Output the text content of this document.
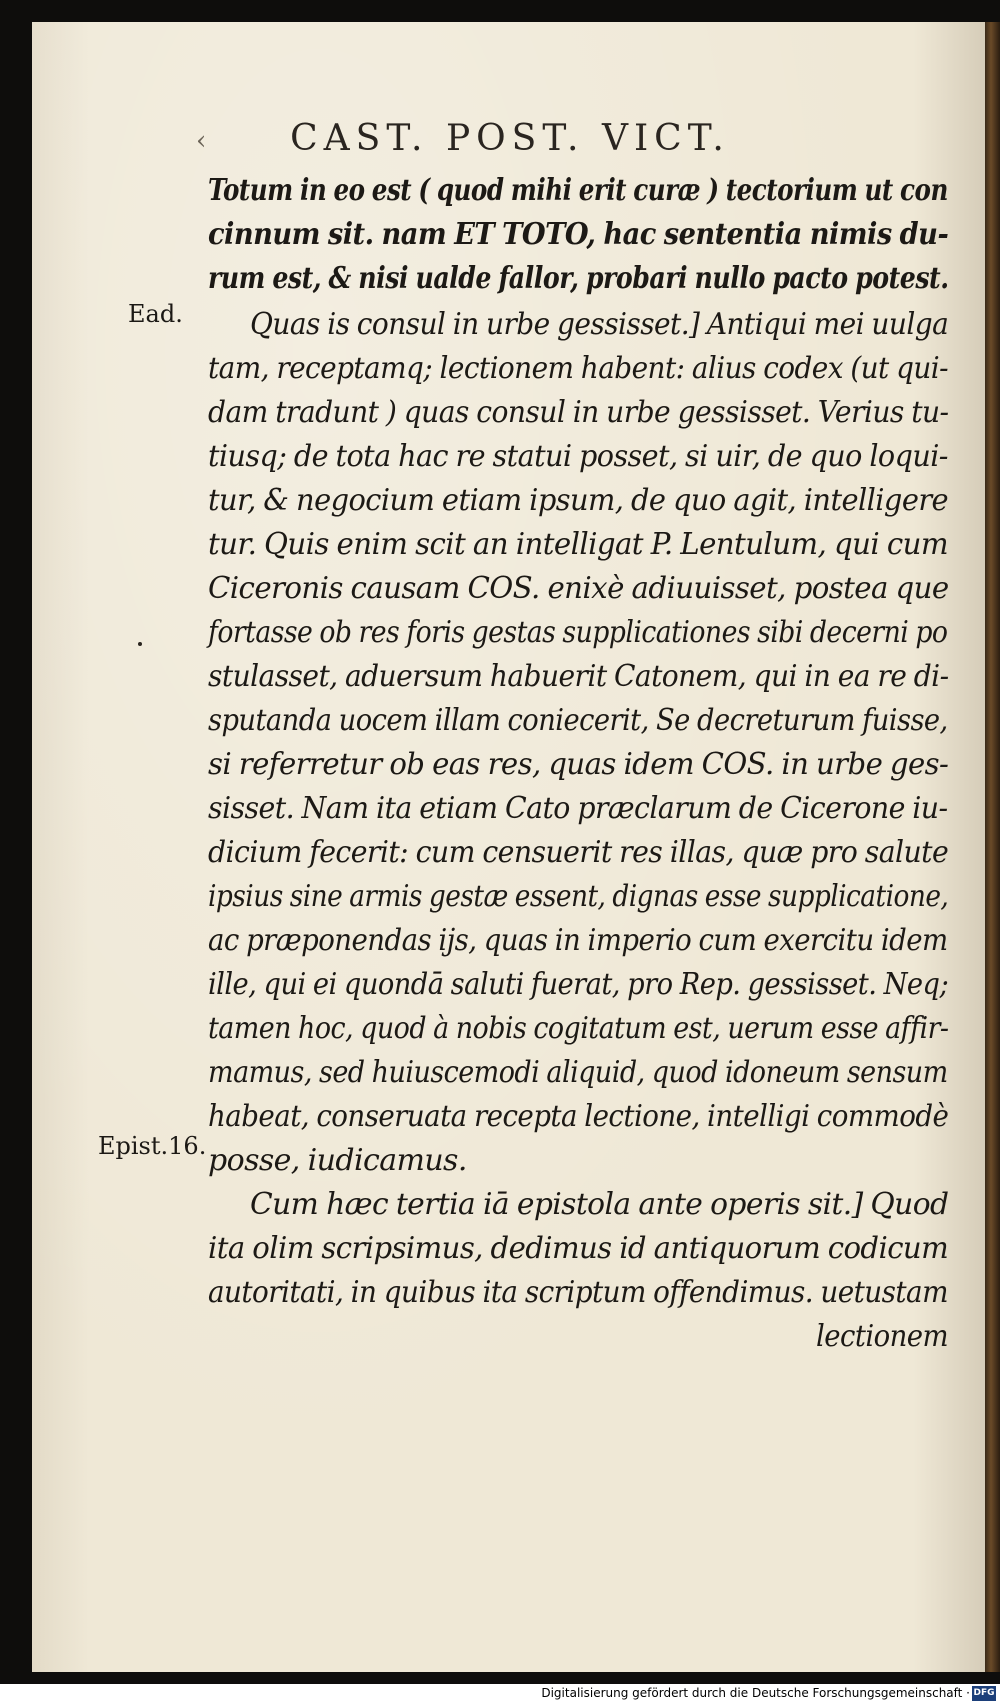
‹	CAST. POST. VICT.
Ead.
Epist.16.
Totum in eo est ( quod mihi erit curæ ) tectorium ut con
cinnum sit. nam ET TOTO, hac sententia nimis du-
rum est, & nisi ualde fallor, probari nullo pacto potest.
Quas is consul in urbe gessisset.] Antiqui mei uulga
tam, receptamq; lectionem habent: alius codex (ut qui-
dam tradunt ) quas consul in urbe gessisset. Verius tu-
tiusq; de tota hac re statui posset, si uir, de quo loqui-
tur, & negocium etiam ipsum, de quo agit, intelligere
tur. Quis enim scit an intelligat P. Lentulum, qui cum
Ciceronis causam COS. enixè adiuuisset, postea que
fortasse ob res foris gestas supplicationes sibi decerni po
stulasset, aduersum habuerit Catonem, qui in ea re di-
sputanda uocem illam coniecerit, Se decreturum fuisse,
si referretur ob eas res, quas idem COS. in urbe ges-
sisset. Nam ita etiam Cato præclarum de Cicerone iu-
dicium fecerit: cum censuerit res illas, quæ pro salute
ipsius sine armis gestæ essent, dignas esse supplicatione,
ac præponendas ijs, quas in imperio cum exercitu idem
ille, qui ei quondā saluti fuerat, pro Rep. gessisset. Neq;
tamen hoc, quod à nobis cogitatum est, uerum esse affir-
mamus, sed huiuscemodi aliquid, quod idoneum sensum
habeat, conseruata recepta lectione, intelligi commodè
posse, iudicamus.
Cum hæc tertia iā epistola ante operis sit.] Quod
ita olim scripsimus, dedimus id antiquorum codicum
autoritati, in quibus ita scriptum offendimus. uetustam
lectionem
Digitalisierung gefördert durch die Deutsche Forschungsgemeinschaft · DFG
